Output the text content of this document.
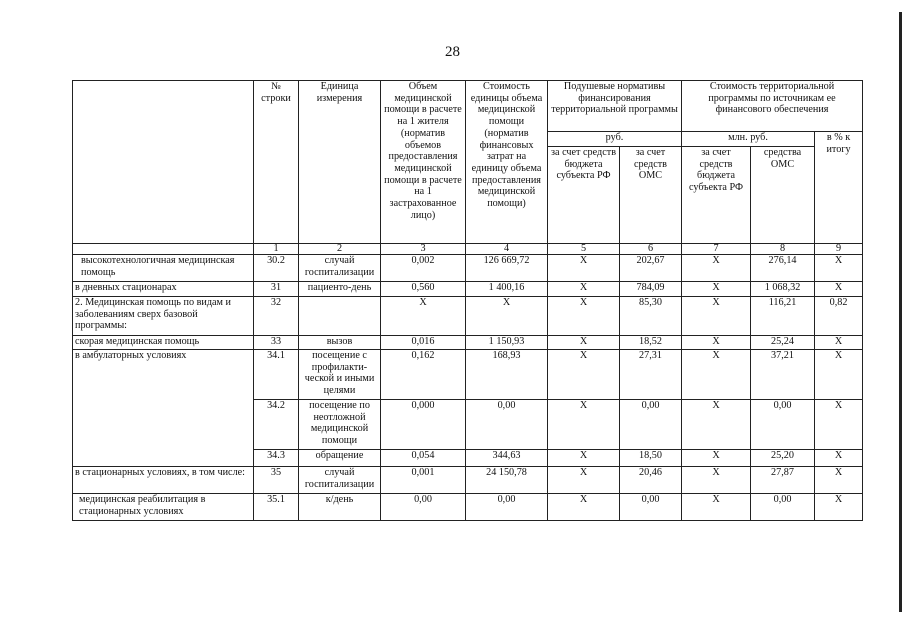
28
	№ строки	Единица измерения	Объем медицинской помощи в расчете на 1 жителя (норматив объемов предоставления медицинской помощи в расчете на 1 застрахованное лицо)	Стоимость единицы объема медицинской помощи (норматив финансовых затрат на единицу объема предоставления медицинской помощи)	Подушевые нормативы финансирования территориальной программы		Стоимость территориальной программы по источникам ее финансового обеспечения		
					руб.		млн. руб.		в % к итогу
					за счет средств бюджета субъекта РФ	за счет средств ОМС	за счет средств бюджета субъекта РФ	средства ОМС	
	1	2	3	4	5	6	7	8	9
высокотехнологичная медицинская помощь	30.2	случай госпитализации	0,002	126 669,72	Х	202,67	Х	276,14	Х
в дневных стационарах	31	пациенто-день	0,560	1 400,16	Х	784,09	Х	1 068,32	Х
2. Медицинская помощь по видам и заболеваниям сверх базовой программы:	32		Х	Х	Х	85,30	Х	116,21	0,82
скорая медицинская помощь	33	вызов	0,016	1 150,93	Х	18,52	Х	25,24	Х
в амбулаторных условиях	34.1	посещение с профилакти-ческой и иными целями	0,162	168,93	Х	27,31	Х	37,21	Х
	34.2	посещение по неотложной медицинской помощи	0,000	0,00	Х	0,00	Х	0,00	Х
	34.3	обращение	0,054	344,63	Х	18,50	Х	25,20	Х
в стационарных условиях, в том числе:	35	случай госпитализации	0,001	24 150,78	Х	20,46	Х	27,87	Х
медицинская реабилитация в стационарных условиях	35.1	к/день	0,00	0,00	Х	0,00	Х	0,00	Х
